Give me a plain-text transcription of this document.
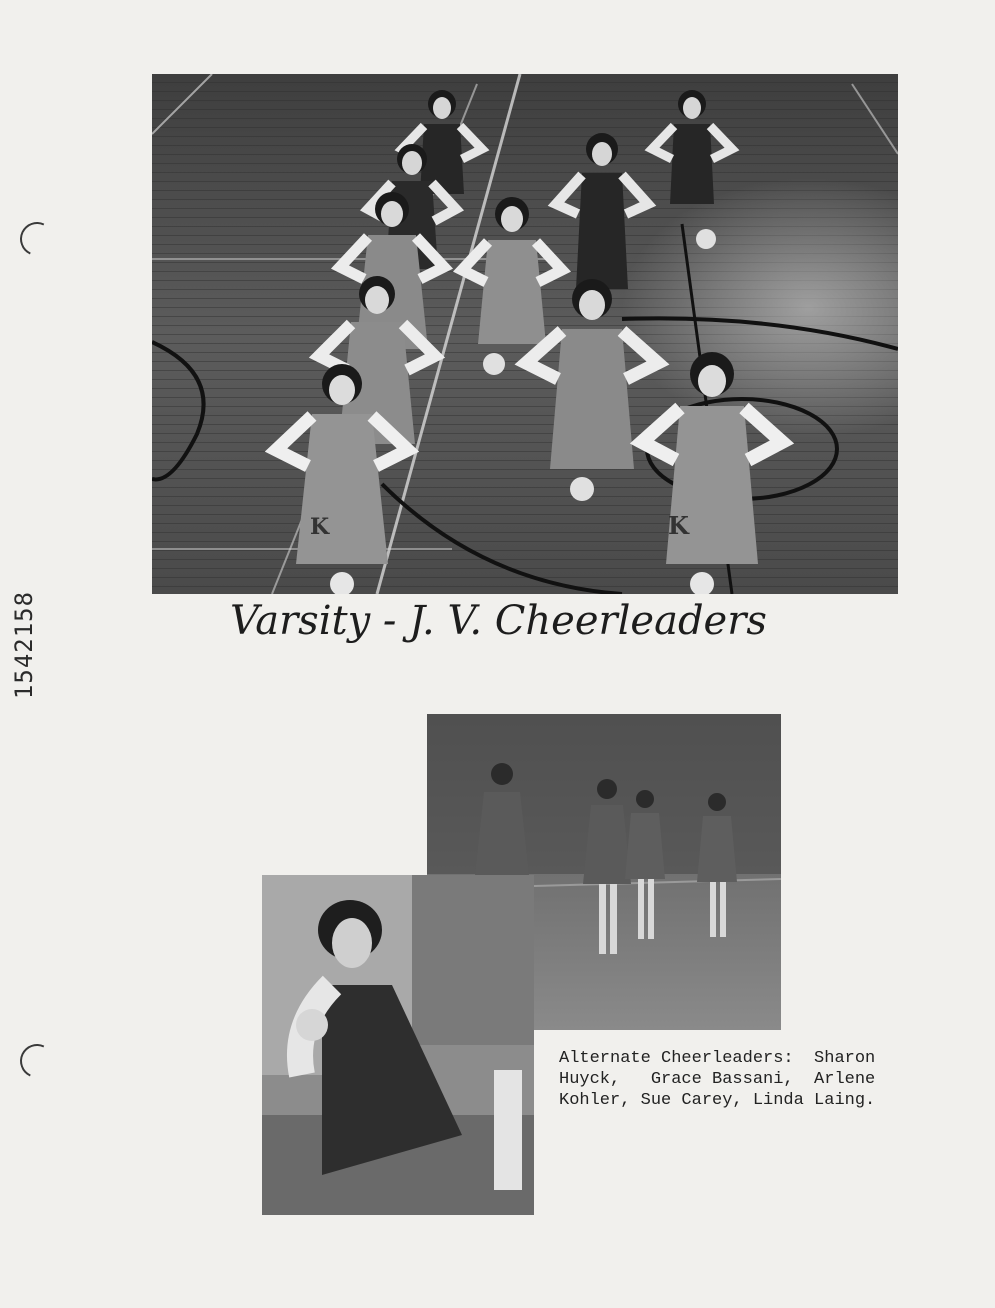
1542158
K	K
Varsity - J. V. Cheerleaders
Alternate Cheerleaders:  Sharon
Huyck,   Grace Bassani,  Arlene
Kohler, Sue Carey, Linda Laing.
